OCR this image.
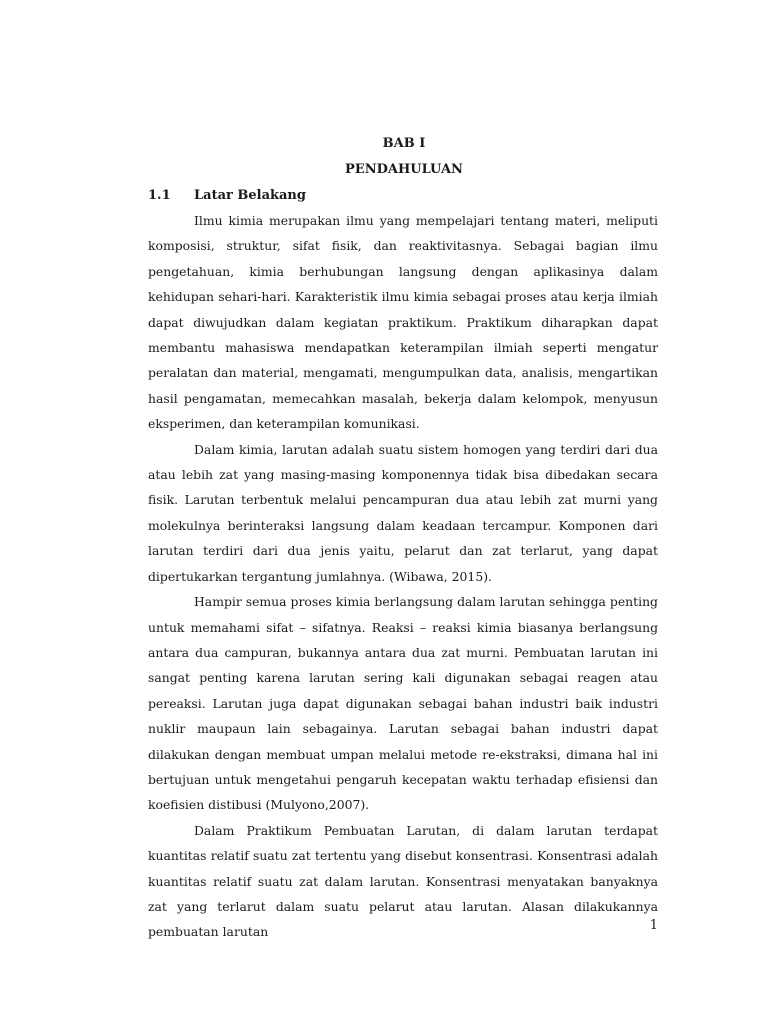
BAB I
PENDAHULUAN
1.1 Latar Belakang

Ilmu kimia merupakan ilmu yang mempelajari tentang materi, meliputi komposisi, struktur, sifat fisik, dan reaktivitasnya. Sebagai bagian ilmu pengetahuan, kimia berhubungan langsung dengan aplikasinya dalam kehidupan sehari-hari. Karakteristik ilmu kimia sebagai proses atau kerja ilmiah dapat diwujudkan dalam kegiatan praktikum. Praktikum diharapkan dapat membantu mahasiswa mendapatkan keterampilan ilmiah seperti mengatur peralatan dan material, mengamati, mengumpulkan data, analisis, mengartikan hasil pengamatan, memecahkan masalah, bekerja dalam kelompok, menyusun eksperimen, dan keterampilan komunikasi.

Dalam kimia, larutan adalah suatu sistem homogen yang terdiri dari dua atau lebih zat yang masing-masing komponennya tidak bisa dibedakan secara fisik. Larutan terbentuk melalui pencampuran dua atau lebih zat murni yang molekulnya berinteraksi langsung dalam keadaan tercampur. Komponen dari larutan terdiri dari dua jenis yaitu, pelarut dan zat terlarut, yang dapat dipertukarkan tergantung jumlahnya. (Wibawa, 2015).

Hampir semua proses kimia berlangsung dalam larutan sehingga penting untuk memahami sifat – sifatnya. Reaksi – reaksi kimia biasanya berlangsung antara dua campuran, bukannya antara dua zat murni. Pembuatan larutan ini sangat penting karena larutan sering kali digunakan sebagai reagen atau pereaksi. Larutan juga dapat digunakan sebagai bahan industri baik industri nuklir maupaun lain sebagainya. Larutan sebagai bahan industri dapat dilakukan dengan membuat umpan melalui metode re-ekstraksi, dimana hal ini bertujuan untuk mengetahui pengaruh kecepatan waktu terhadap efisiensi dan koefisien distibusi (Mulyono,2007).

Dalam Praktikum Pembuatan Larutan, di dalam larutan terdapat kuantitas relatif suatu zat tertentu yang disebut konsentrasi. Konsentrasi adalah kuantitas relatif suatu zat dalam larutan. Konsentrasi menyatakan banyaknya zat yang terlarut dalam suatu pelarut atau larutan. Alasan dilakukannya pembuatan larutan	1
